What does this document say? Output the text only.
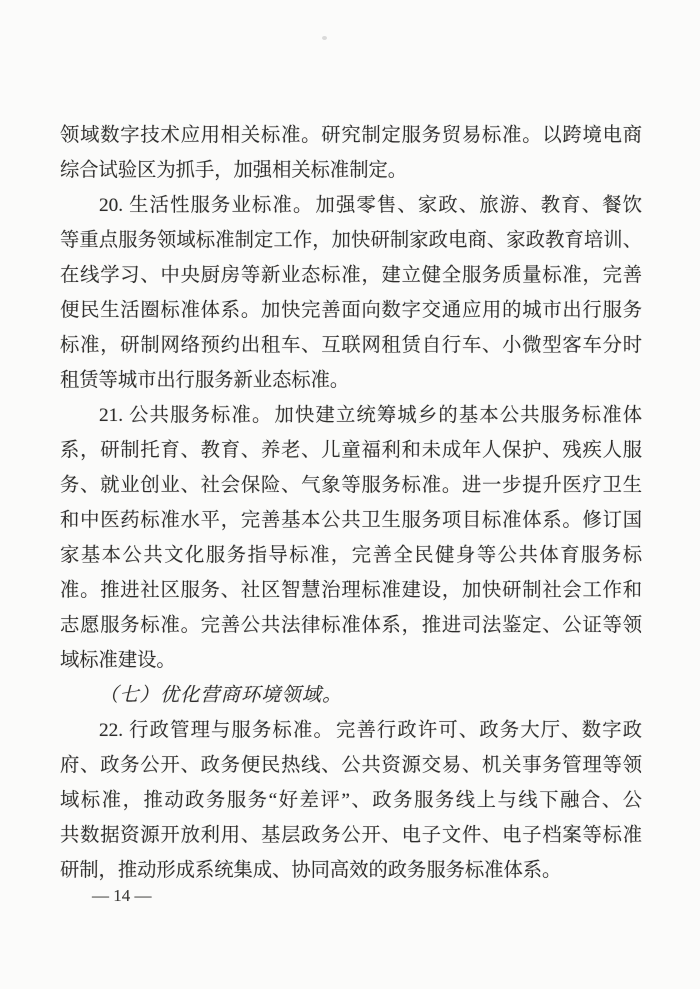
领域数字技术应用相关标准。研究制定服务贸易标准。以跨境电商
综合试验区为抓手，加强相关标准制定。
20. 生活性服务业标准。 加强零售、家政、旅游、教育、餐饮
等重点服务领域标准制定工作，加快研制家政电商、家政教育培训、
在线学习、中央厨房等新业态标准，建立健全服务质量标准，完善
便民生活圈标准体系。加快完善面向数字交通应用的城市出行服务
标准，研制网络预约出租车、互联网租赁自行车、小微型客车分时
租赁等城市出行服务新业态标准。
21. 公共服务标准。 加快建立统筹城乡的基本公共服务标准体
系，研制托育、教育、养老、儿童福利和未成年人保护、残疾人服
务、就业创业、社会保险、气象等服务标准。进一步提升医疗卫生
和中医药标准水平，完善基本公共卫生服务项目标准体系。修订国
家基本公共文化服务指导标准，完善全民健身等公共体育服务标
准。推进社区服务、社区智慧治理标准建设，加快研制社会工作和
志愿服务标准。完善公共法律标准体系，推进司法鉴定、公证等领
域标准建设。
（七）优化营商环境领域。
22. 行政管理与服务标准。 完善行政许可、政务大厅、数字政
府、政务公开、政务便民热线、公共资源交易、机关事务管理等领
域标准，推动政务服务“好差评”、政务服务线上与线下融合、公
共数据资源开放利用、基层政务公开、电子文件、电子档案等标准
研制，推动形成系统集成、协同高效的政务服务标准体系。
— 14 —
